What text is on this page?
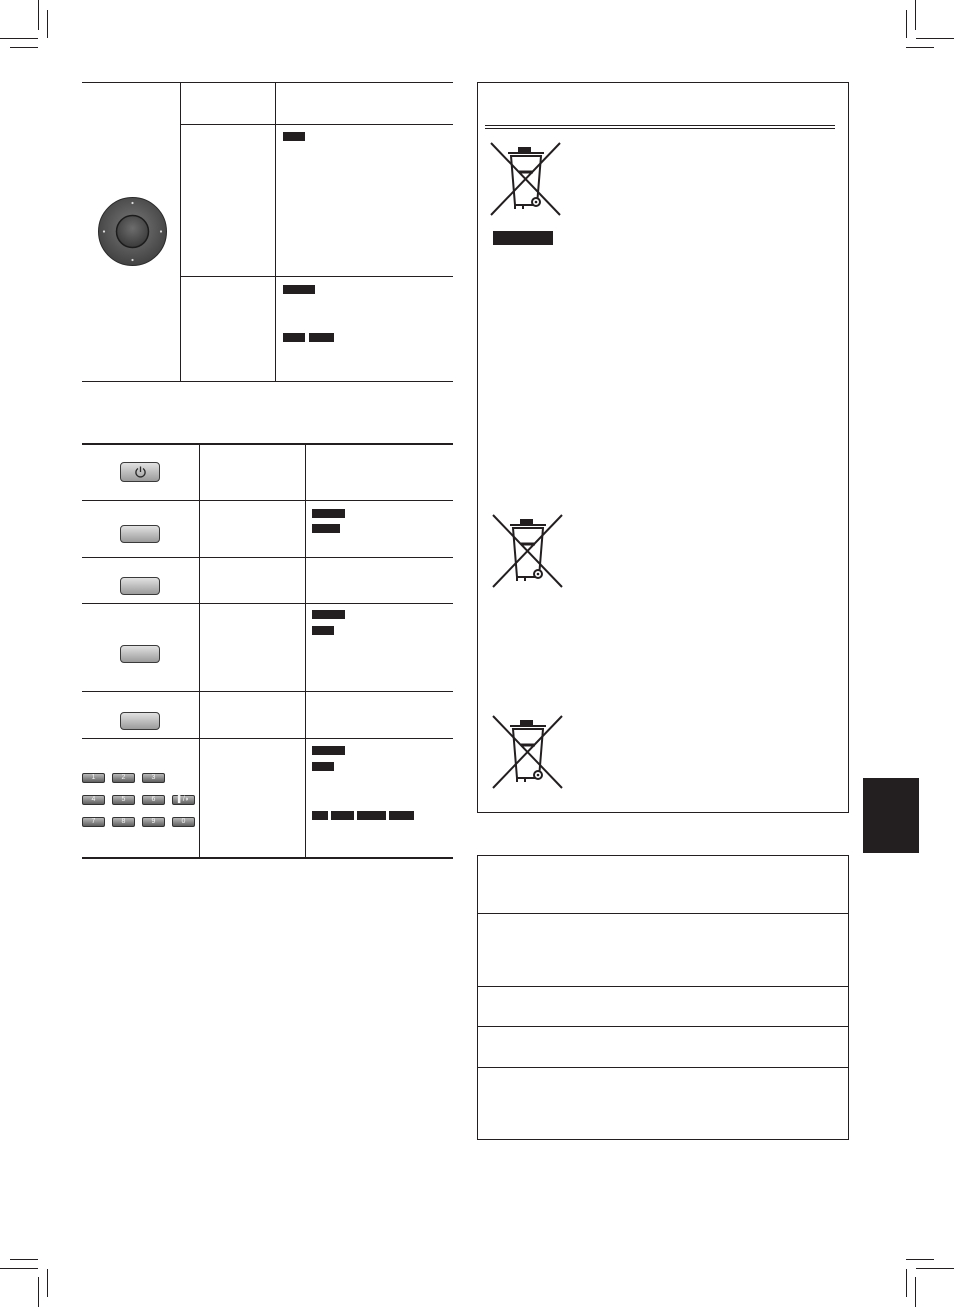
1	2	3
4	5	6	▌/◗
7	8	9	0
